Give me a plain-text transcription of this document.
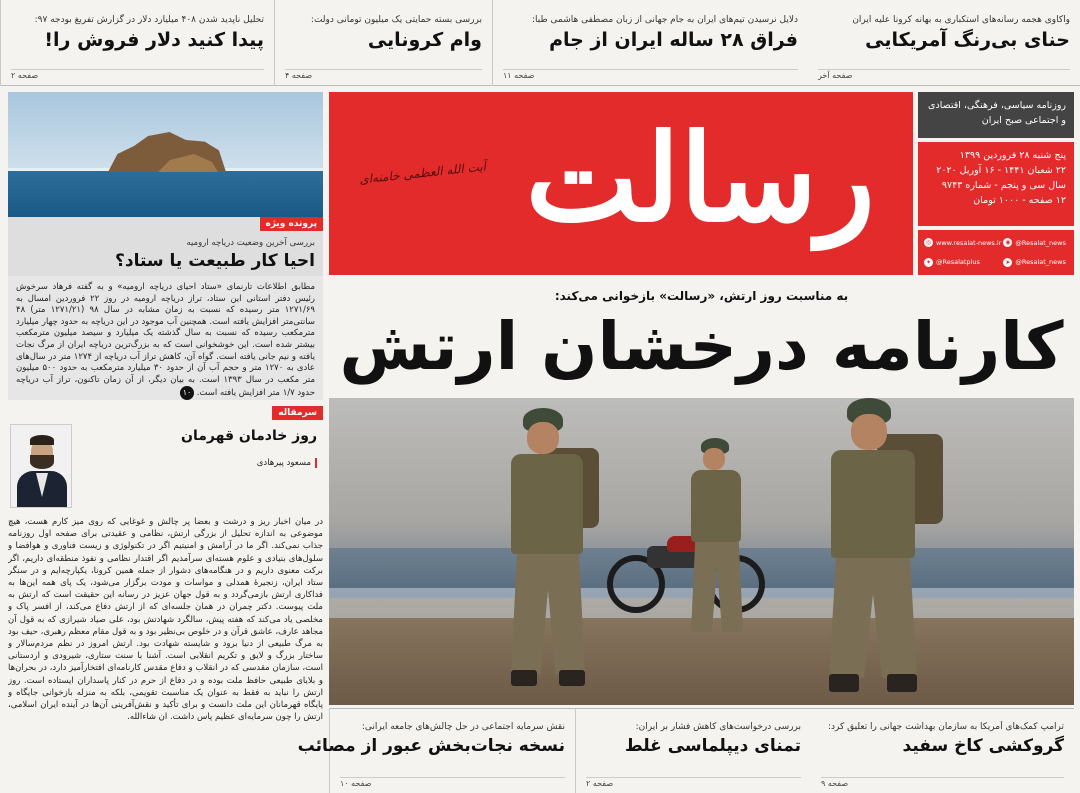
تحلیل ناپدید شدن ۴۰۸ میلیارد دلار در گزارش تفریغ بودجه ۹۷:
پیدا کنید دلار فروش را!
صفحه ۲
بررسی بسته حمایتی یک میلیون تومانی دولت:
وام کرونایی
صفحه ۴
دلایل نرسیدن تیم‌های ایران به جام جهانی از زبان مصطفی هاشمی طبا:
فراق ۲۸ ساله ایران از جام
صفحه ۱۱
واکاوی هجمه رسانه‌های استکباری به بهانه کرونا علیه ایران
حنای بی‌رنگ آمریکایی
صفحه آخر
رسالت
آیت الله العظمی خامنه‌ای
روزنامه سیاسی، فرهنگی، اقتصادی و اجتماعی صبح ایران
پنج شنبه ۲۸ فروردین ۱۳۹۹
۲۲ شعبان ۱۴۴۱ - ۱۶ آوریل ۲۰۲۰
سال سی و پنجم - شماره ۹۷۴۳
۱۲ صفحه - ۱۰۰۰ تومان
◉ @Resalat_news
◎ www.resalat-news.ir
➤ @Resalat_news
✦ @Resalatplus
پرونده ویژه
بررسی آخرین وضعیت دریاچه ارومیه
احیا کار طبیعت یا ستاد؟
مطابق اطلاعات تارنمای «ستاد احیای دریاچه ارومیه» و به گفته فرهاد سرخوش رئیس دفتر استانی این ستاد، تراز دریاچه ارومیه در روز ۲۲ فروردین امسال به ۱۲۷۱/۶۹ متر رسیده که نسبت به زمان مشابه در سال ۹۸ (۱۲۷۱/۲۱ متر) ۴۸ سانتی‌متر افزایش یافته است. همچنین آب موجود در این دریاچه به حدود چهار میلیارد مترمکعب رسیده که نسبت به سال گذشته یک میلیارد و سیصد میلیون مترمکعب بیشتر شده است. این خوشخوانی است که به بزرگ‌ترین دریاچه ایران از مرگ نجات یافته و نیم جانی یافته است. گواه آن، کاهش تراز آب دریاچه از ۱۲۷۴ متر در سال‌های عادی به ۱۲۷۰ متر و حجم آب آن از حدود ۳۰ میلیارد مترمکعب به حدود ۵۰۰ میلیون متر مکعب در سال ۱۳۹۳ است. به بیان دیگر، از آن زمان تاکنون، تراز آب دریاچه حدود ۱/۷ متر افزایش یافته است. ۱۰
سرمقاله
روز خادمان قهرمان
مسعود پیرهادی
در میان اخبار ریز و درشت و بعضا پر چالش و غوغایی که روی میز کارم هست، هیچ موضوعی به اندازه تحلیل از بزرگی ارتش، نظامی و عقیدتی برای صفحه اول روزنامه جذاب نمی‌کند. اگر ما در آرامش و امنیتیم اگر در تکنولوژی و زیست فناوری و هوافضا و سلول‌های بنیادی و علوم هسته‌ای سرآمدیم اگر اقتدار نظامی و نفوذ منطقه‌ای داریم، اگر برکت معنوی داریم و در هنگامه‌های دشوار از جمله همین کرونا، یکپارچه‌ایم و در سنگر ستاد ایران، زنجیرهٔ همدلی و مواسات و مودت برگزار می‌شود، یک پای همه این‌ها به فداکاری ارتش بازمی‌گردد و به قول جهان عزیز در رسانه این حقیقت است که ارتش به ملت پیوست. دکتر چمران در همان جلسه‌ای که از ارتش دفاع می‌کند، از افسر پاک و مخلصی یاد می‌کند که هفته پیش، سالگرد شهادتش بود، علی صیاد شیرازی که به قول آن مجاهد عارف، عاشق قرآن و در خلوص بی‌نظیر بود و به قول مقام معظم رهبری، حیف بود به مرگ طبیعی از دنیا برود و شایسته شهادت بود. ارتش امروز در نظم مردم‌سالار و ساختار بزرگ و لایق و تکریم انقلابی است. آشنا با سنت ستاری، شیرودی و اردستانی است، سازمان مقدسی که در انقلاب و دفاع مقدس کارنامه‌ای افتخارآمیز دارد، در بحران‌ها و بلایای طبیعی حافظ ملت بوده و در دفاع از حرم در کنار پاسداران ایستاده است. روز ارتش را نباید به فقط به عنوان یک مناسبت تقویمی، بلکه به منزله بازخوانی جایگاه و پایگاه قهرمانان این ملت دانست و برای تأکید و نقش‌آفرینی آن‌ها در آینده ایران اسلامی، ارتش را چون سرمایه‌ای عظیم پاس داشت. ان شاءالله.
به مناسبت روز ارتش، «رسالت» بازخوانی می‌کند:
کارنامه درخشان ارتش
نقش سرمایه اجتماعی در حل چالش‌های جامعه ایرانی:
نسخه نجات‌بخش عبور از مصائب
صفحه ۱۰
بررسی درخواست‌های کاهش فشار بر ایران:
تمنای دیپلماسی غلط
صفحه ۲
ترامپ کمک‌های آمریکا به سازمان بهداشت جهانی را تعلیق کرد:
گروکشی کاخ سفید
صفحه ۹
